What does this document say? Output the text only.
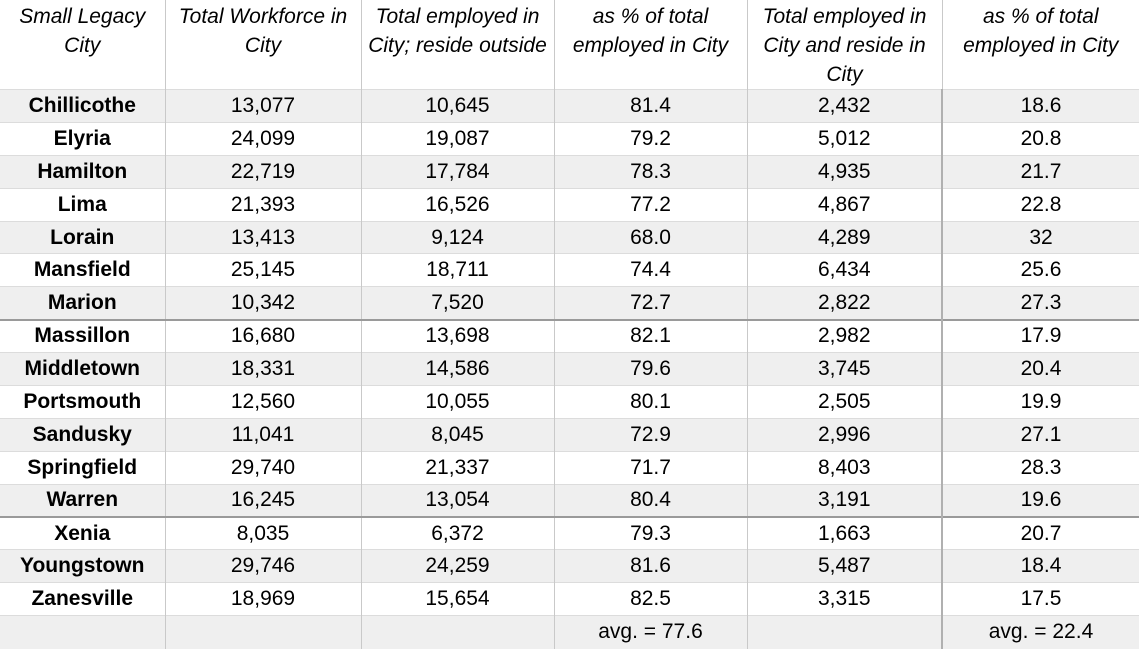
Small Legacy City	Total Workforce in City	Total employed in City; reside outside	as % of total employed in City	Total employed in City and reside in City	as % of total employed in City
Chillicothe	13,077	10,645	81.4	2,432	18.6
Elyria	24,099	19,087	79.2	5,012	20.8
Hamilton	22,719	17,784	78.3	4,935	21.7
Lima	21,393	16,526	77.2	4,867	22.8
Lorain	13,413	9,124	68.0	4,289	32
Mansfield	25,145	18,711	74.4	6,434	25.6
Marion	10,342	7,520	72.7	2,822	27.3
Massillon	16,680	13,698	82.1	2,982	17.9
Middletown	18,331	14,586	79.6	3,745	20.4
Portsmouth	12,560	10,055	80.1	2,505	19.9
Sandusky	11,041	8,045	72.9	2,996	27.1
Springfield	29,740	21,337	71.7	8,403	28.3
Warren	16,245	13,054	80.4	3,191	19.6
Xenia	8,035	6,372	79.3	1,663	20.7
Youngstown	29,746	24,259	81.6	5,487	18.4
Zanesville	18,969	15,654	82.5	3,315	17.5
			avg. = 77.6		avg. = 22.4
